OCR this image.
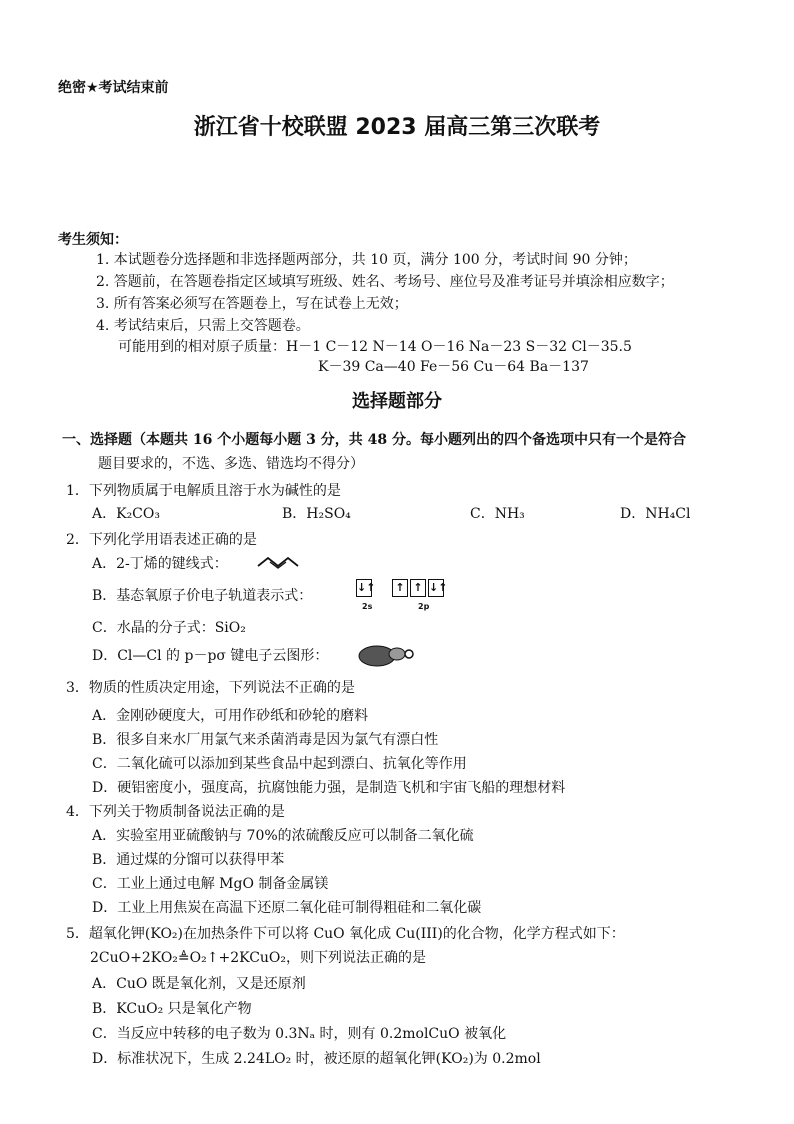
绝密★考试结束前
浙江省十校联盟 2023 届高三第三次联考
考生须知：
1. 本试题卷分选择题和非选择题两部分，共 10 页，满分 100 分，考试时间 90 分钟；
2. 答题前，在答题卷指定区域填写班级、姓名、考场号、座位号及准考证号并填涂相应数字；
3. 所有答案必须写在答题卷上，写在试卷上无效；
4. 考试结束后，只需上交答题卷。
可能用到的相对原子质量：H－1 C－12 N－14 O－16 Na－23 S－32 Cl－35.5
K－39 Ca—40 Fe－56 Cu－64 Ba－137
选择题部分
一、选择题（本题共 16 个小题每小题 3 分，共 48 分。每小题列出的四个备选项中只有一个是符合
题目要求的，不选、多选、错选均不得分）
1．下列物质属于电解质且溶于水为碱性的是
A．K₂CO₃	B．H₂SO₄	C．NH₃	D．NH₄Cl
2．下列化学用语表述正确的是
A．2-丁烯的键线式：
B．基态氧原子价电子轨道表示式：
↓↑	↑ ↑ ↓↑
2s	2p
C．水晶的分子式：SiO₂
D．Cl—Cl 的 p－pσ 键电子云图形：
3．物质的性质决定用途，下列说法不正确的是
A．金刚砂硬度大，可用作砂纸和砂轮的磨料
B．很多自来水厂用氯气来杀菌消毒是因为氯气有漂白性
C．二氧化硫可以添加到某些食品中起到漂白、抗氧化等作用
D．硬铝密度小，强度高，抗腐蚀能力强，是制造飞机和宇宙飞船的理想材料
4．下列关于物质制备说法正确的是
A．实验室用亚硫酸钠与 70%的浓硫酸反应可以制备二氧化硫
B．通过煤的分馏可以获得甲苯
C．工业上通过电解 MgO 制备金属镁
D．工业上用焦炭在高温下还原二氧化硅可制得粗硅和二氧化碳
5．超氧化钾(KO₂)在加热条件下可以将 CuO 氧化成 Cu(III)的化合物，化学方程式如下：
2CuO+2KO₂≜O₂↑+2KCuO₂，则下列说法正确的是
A．CuO 既是氧化剂，又是还原剂
B．KCuO₂ 只是氧化产物
C．当反应中转移的电子数为 0.3Nₐ 时，则有 0.2molCuO 被氧化
D．标准状况下，生成 2.24LO₂ 时，被还原的超氧化钾(KO₂)为 0.2mol
